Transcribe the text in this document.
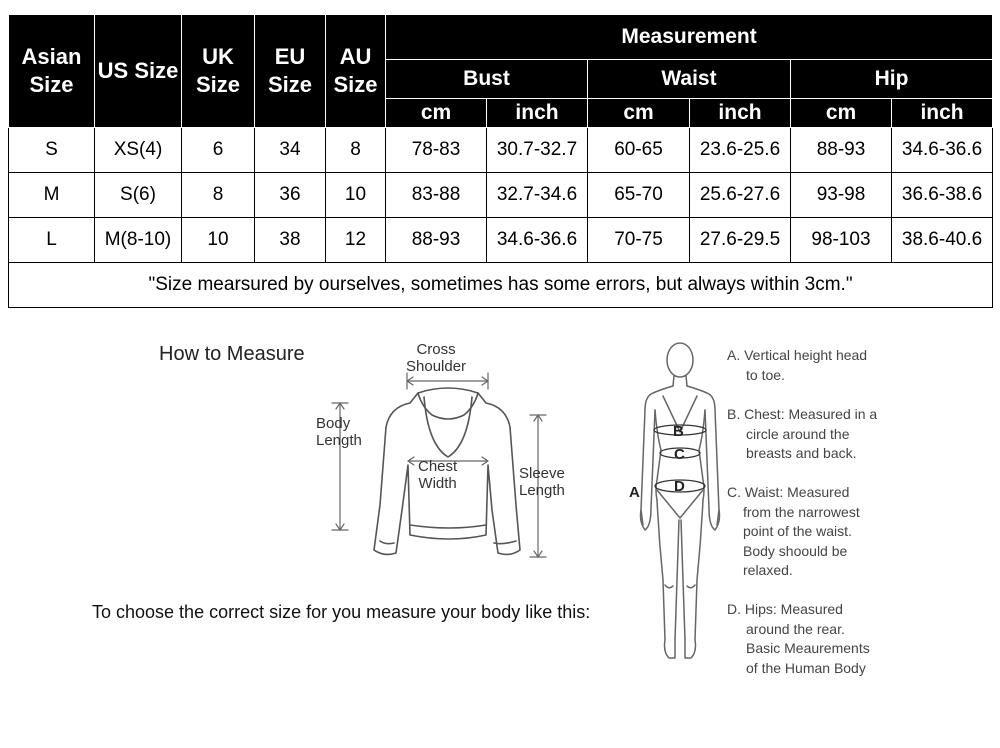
Asian Size	US Size	UK Size	EU Size	AU Size	Measurement					
					Bust		Waist		Hip	
					cm	inch	cm	inch	cm	inch
S	XS(4)	6	34	8	78-83	30.7-32.7	60-65	23.6-25.6	88-93	34.6-36.6
M	S(6)	8	36	10	83-88	32.7-34.6	65-70	25.6-27.6	93-98	36.6-38.6
L	M(8-10)	10	38	12	88-93	34.6-36.6	70-75	27.6-29.5	98-103	38.6-40.6
"Size mearsured by ourselves, sometimes has some errors, but always within 3cm."										
How to Measure	Cross
Shoulder
Body
Length
Chest
Width
Sleeve
Length
To choose the correct size for you measure your body like this:
B
C
D
A
A. Vertical height head
to toe.
B. Chest: Measured in a
circle around the
breasts and back.
C. Waist: Measured
from the narrowest
point of the waist.
Body shoould be
relaxed.
D. Hips: Measured
around the rear.
Basic Meaurements
of the Human Body
